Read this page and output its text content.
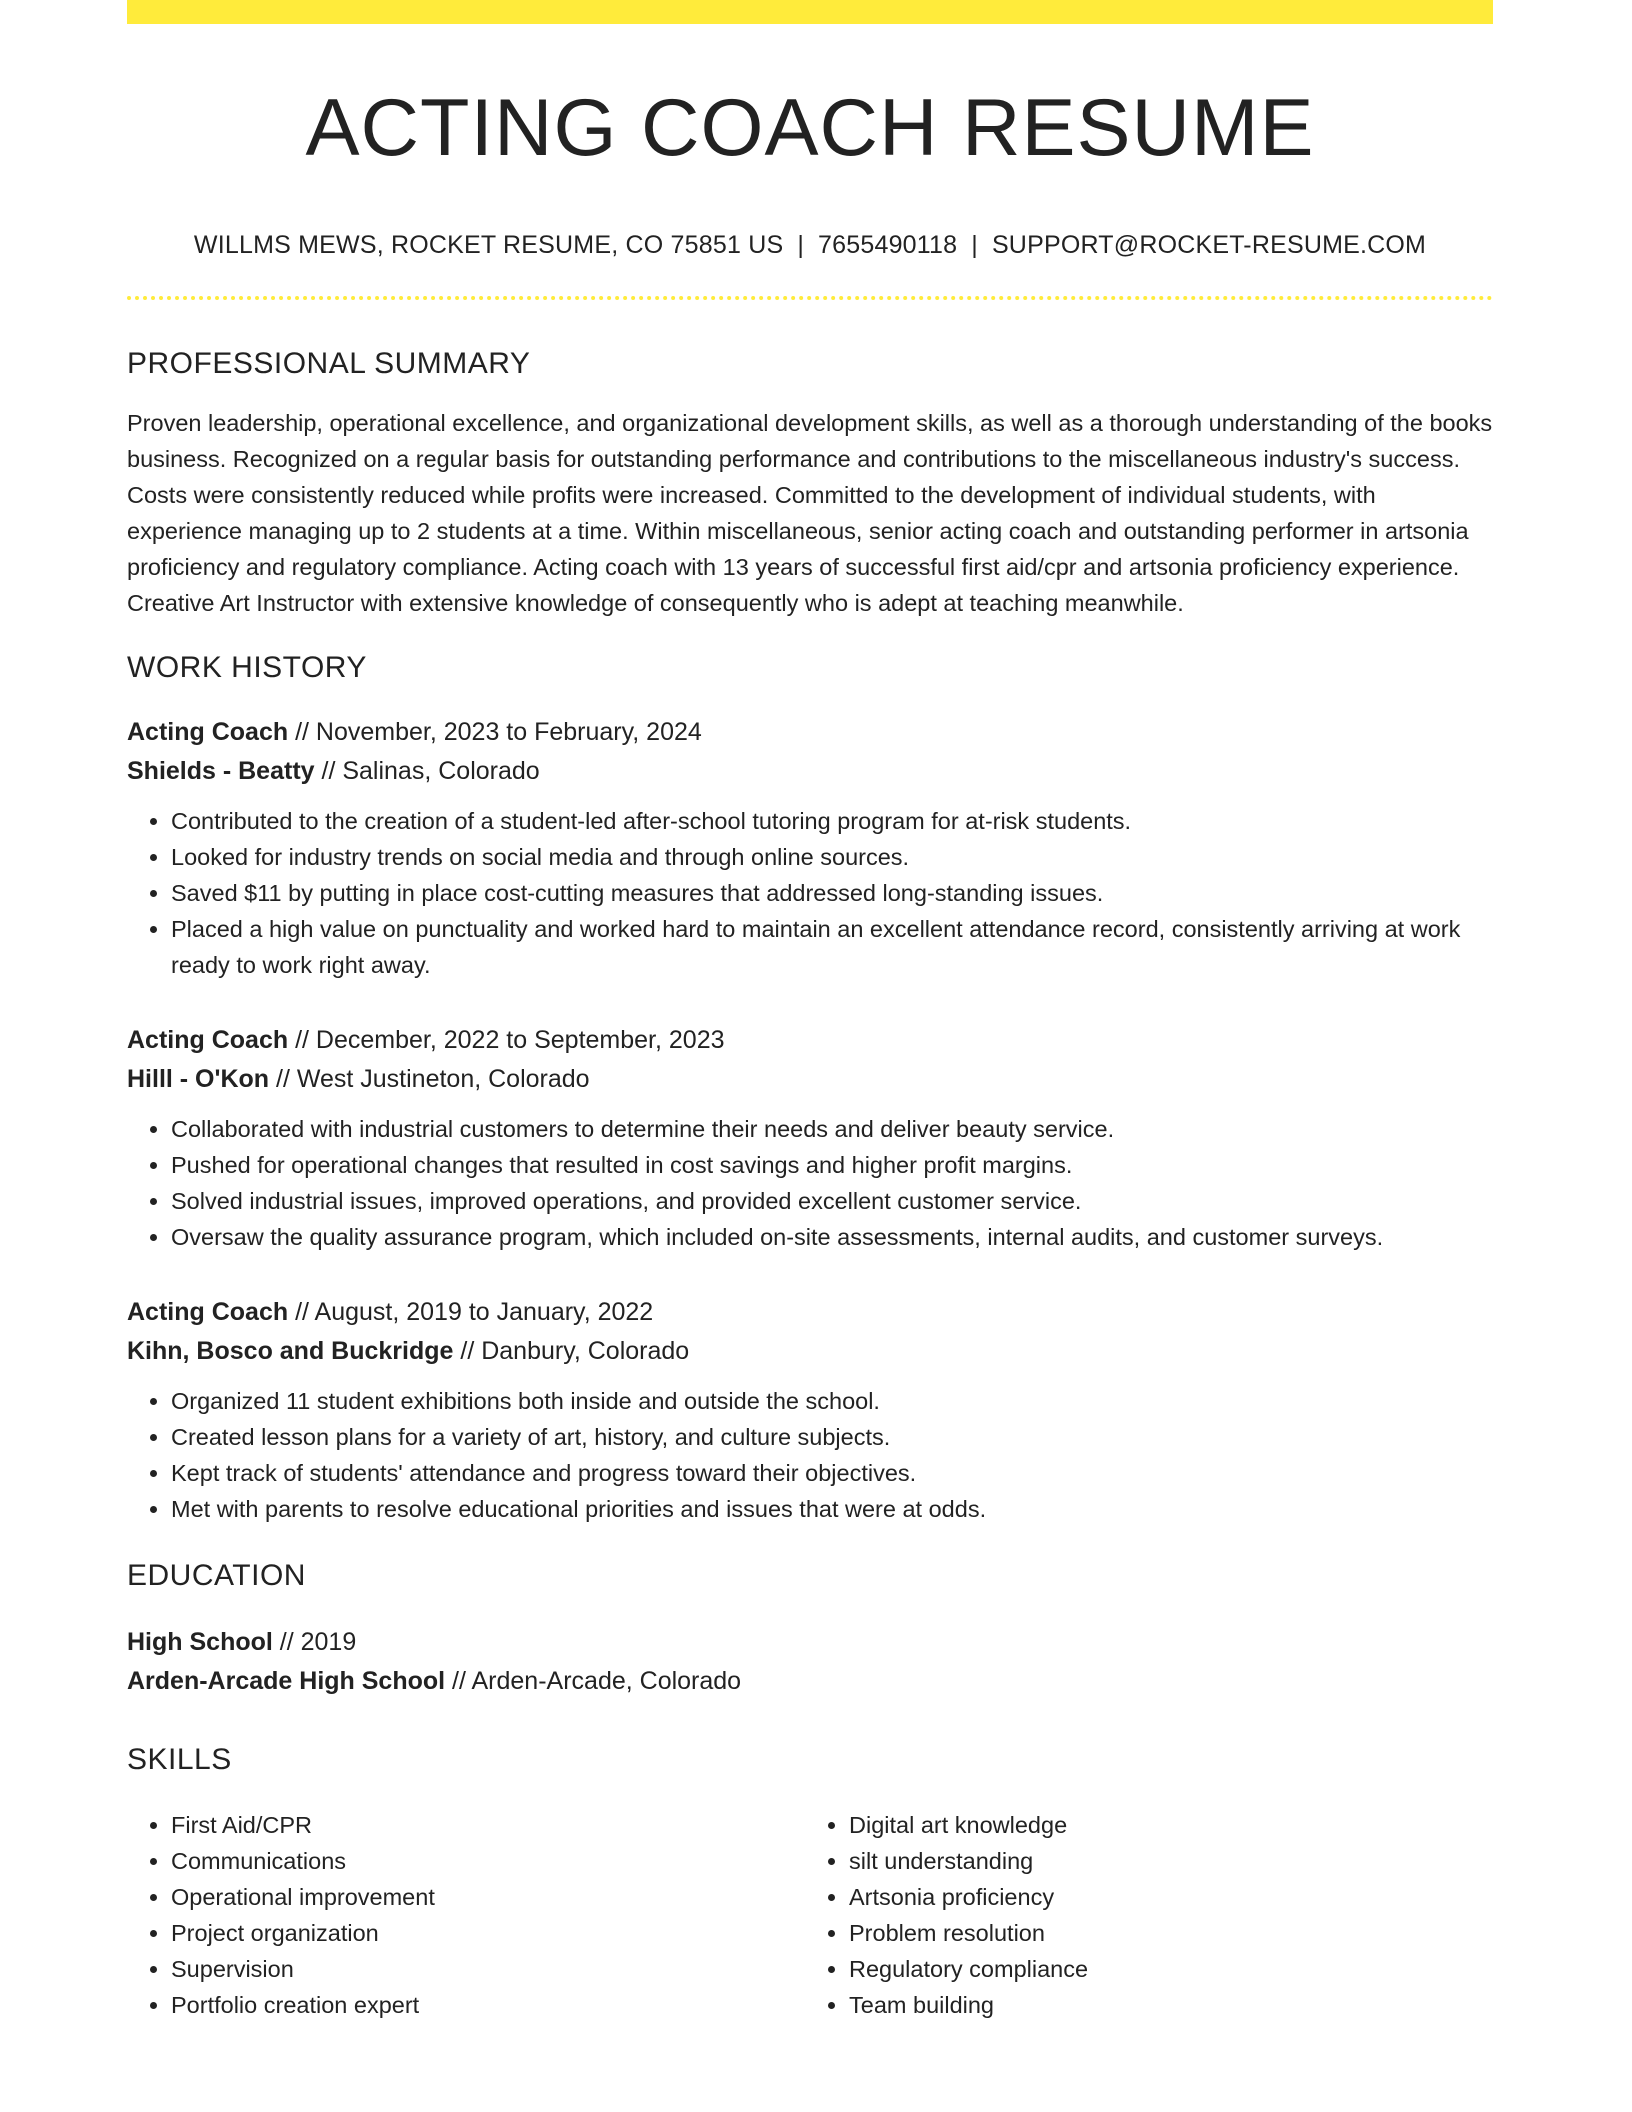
ACTING COACH RESUME
WILLMS MEWS, ROCKET RESUME, CO 75851 US | 7655490118 | SUPPORT@ROCKET-RESUME.COM
PROFESSIONAL SUMMARY
Proven leadership, operational excellence, and organizational development skills, as well as a thorough understanding of the books business. Recognized on a regular basis for outstanding performance and contributions to the miscellaneous industry's success. Costs were consistently reduced while profits were increased. Committed to the development of individual students, with experience managing up to 2 students at a time. Within miscellaneous, senior acting coach and outstanding performer in artsonia proficiency and regulatory compliance. Acting coach with 13 years of successful first aid/cpr and artsonia proficiency experience. Creative Art Instructor with extensive knowledge of consequently who is adept at teaching meanwhile.
WORK HISTORY
Acting Coach // November, 2023 to February, 2024
Shields - Beatty // Salinas, Colorado
• Contributed to the creation of a student-led after-school tutoring program for at-risk students.
• Looked for industry trends on social media and through online sources.
• Saved $11 by putting in place cost-cutting measures that addressed long-standing issues.
• Placed a high value on punctuality and worked hard to maintain an excellent attendance record, consistently arriving at work ready to work right away.
Acting Coach // December, 2022 to September, 2023
Hilll - O'Kon // West Justineton, Colorado
• Collaborated with industrial customers to determine their needs and deliver beauty service.
• Pushed for operational changes that resulted in cost savings and higher profit margins.
• Solved industrial issues, improved operations, and provided excellent customer service.
• Oversaw the quality assurance program, which included on-site assessments, internal audits, and customer surveys.
Acting Coach // August, 2019 to January, 2022
Kihn, Bosco and Buckridge // Danbury, Colorado
• Organized 11 student exhibitions both inside and outside the school.
• Created lesson plans for a variety of art, history, and culture subjects.
• Kept track of students' attendance and progress toward their objectives.
• Met with parents to resolve educational priorities and issues that were at odds.
EDUCATION
High School // 2019
Arden-Arcade High School // Arden-Arcade, Colorado
SKILLS
• First Aid/CPR
• Communications
• Operational improvement
• Project organization
• Supervision
• Portfolio creation expert
• Digital art knowledge
• silt understanding
• Artsonia proficiency
• Problem resolution
• Regulatory compliance
• Team building
